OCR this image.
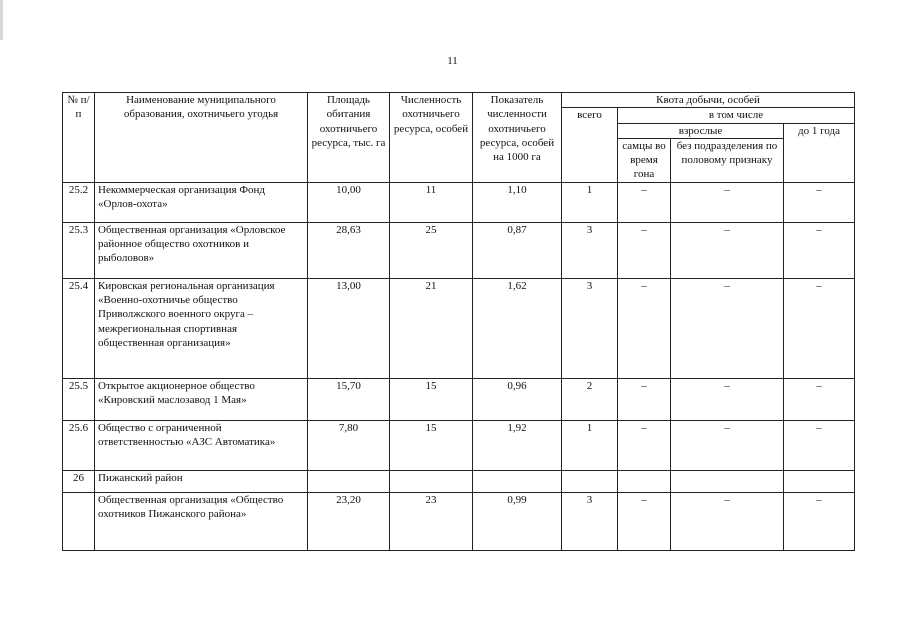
11
№ п/п	Наименование муниципального образования, охотничьего угодья	Площадь обитания охотничьего ресурса, тыс. га	Численность охотничьего ресурса, особей	Показатель численности охотничьего ресурса, особей на 1000 га	Квота добычи, особей			
					всего	в том числе		
						взрослые		до 1 года
						самцы во время гона	без подразделения по половому признаку	
25.2	Некоммерческая организация Фонд «Орлов-охота»	10,00	11	1,10	1	–	–	–
25.3	Общественная организация «Орловское районное общество охотников и рыболовов»	28,63	25	0,87	3	–	–	–
25.4	Кировская региональная организация «Военно-охотничье общество Приволжского военного округа – межрегиональная спортивная общественная организация»	13,00	21	1,62	3	–	–	–
25.5	Открытое акционерное общество «Кировский маслозавод 1 Мая»	15,70	15	0,96	2	–	–	–
25.6	Общество с ограниченной ответственностью «АЗС Автоматика»	7,80	15	1,92	1	–	–	–
26	Пижанский район							
	Общественная организация «Общество охотников Пижанского района»	23,20	23	0,99	3	–	–	–
